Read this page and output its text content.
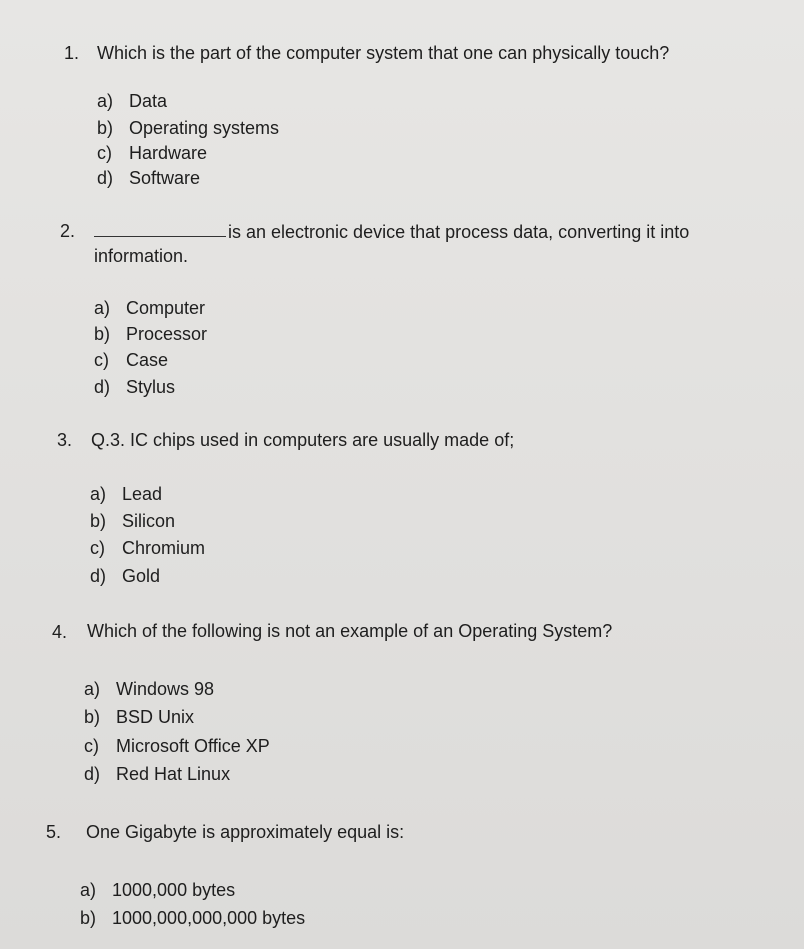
1. Which is the part of the computer system that one can physically touch?
a) Data
b) Operating systems
c) Hardware
d) Software
2.	is an electronic device that process data, converting it into
information.
a) Computer
b) Processor
c) Case
d) Stylus
3. Q.3. IC chips used in computers are usually made of;
a) Lead
b) Silicon
c) Chromium
d) Gold
4. Which of the following is not an example of an Operating System?
a) Windows 98
b) BSD Unix
c) Microsoft Office XP
d) Red Hat Linux
5. One Gigabyte is approximately equal is:
a) 1000,000 bytes
b) 1000,000,000,000 bytes
